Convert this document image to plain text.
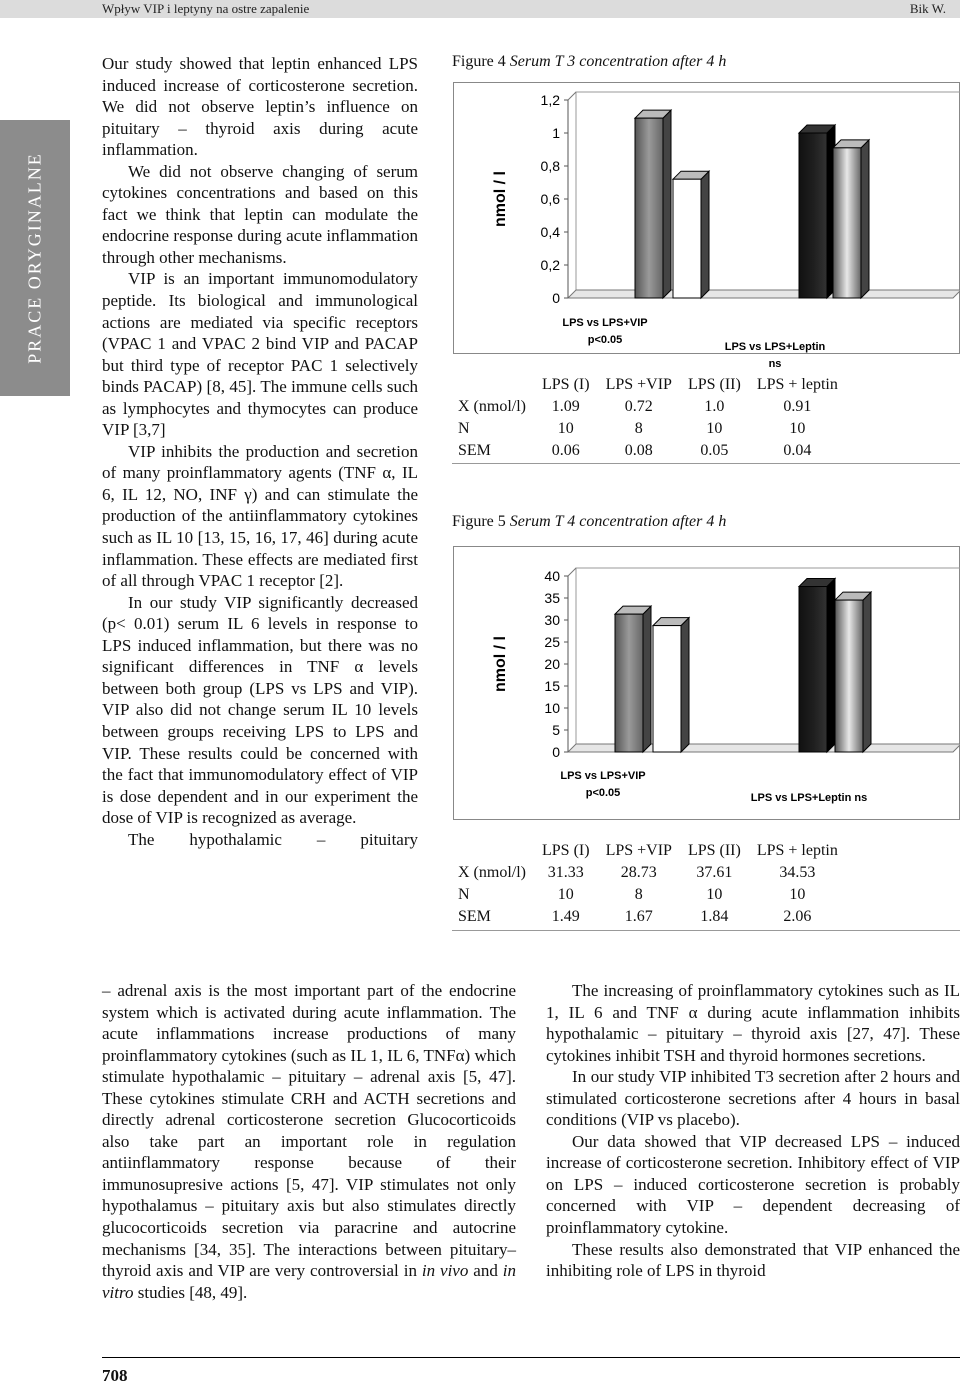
Wpływ VIP i leptyny na ostre zapalenie	Bik W.
PRACE ORYGINALNE

Our study showed that leptin enhanced LPS induced increase of corticosterone secretion. We did not observe leptin’s influence on pituitary – thyroid axis during acute inflammation.

We did not observe changing of serum cytokines concentrations and based on this fact we think that leptin can modulate the endocrine response during acute inflammation through other mechanisms.

VIP is an important immunomodulatory peptide. Its biological and immunological actions are mediated via specific receptors (VPAC 1 and VPAC 2 bind VIP and PACAP but third type of receptor PAC 1 selectively binds PACAP) [8, 45]. The immune cells such as lymphocytes and thymocytes can produce VIP [3,7]

VIP inhibits the production and secretion of many proinflammatory agents (TNF α, IL 6, IL 12, NO, INF γ) and can stimulate the production of the antiinflammatory cytokines such as IL 10 [13, 15, 16, 17, 46] during acute inflammation. These effects are mediated first of all through VPAC 1 receptor [2].

In our study VIP significantly decreased (p< 0.01) serum IL 6 levels in response to LPS induced inflammation, but there was no significant differences in TNF α levels between both group (LPS vs LPS and VIP). VIP also did not change serum IL 10 levels between groups receiving LPS to LPS and VIP. These results could be concerned with the fact that immunomodulatory effect of VIP is dose dependent and in our experiment the dose of VIP is recognized as average.

The hypothalamic – pituitary

– adrenal axis is the most important part of the endocrine system which is activated during acute inflammation. The acute inflammations increase productions of many proinflammatory cytokines (such as IL 1, IL 6, TNFα) which stimulate hypothalamic – pituitary – adrenal axis [5, 47]. These cytokines stimulate CRH and ACTH secretions and directly adrenal corticosterone secretion Glucocorticoids also take part an important role in regulation antiinflammatory response because of their immunosupresive actions [5, 47]. VIP stimulates not only hypothalamus – pituitary axis but also stimulates directly glucocorticoids secretion via paracrine and autocrine mechanisms [34, 35]. The interactions between pituitary–thyroid axis and VIP are very controversial in in vivo and in vitro studies [48, 49].

The increasing of proinflammatory cytokines such as IL 1, IL 6 and TNF α during acute inflammation inhibits hypothalamic – pituitary – thyroid axis [27, 47]. These cytokines inhibit TSH and thyroid hormones secretions.

In our study VIP inhibited T3 secretion after 2 hours and stimulated corticosterone secretions after 4 hours in basal conditions (VIP vs placebo).

Our data showed that VIP decreased LPS – induced increase of corticosterone secretion. Inhibitory effect of VIP on LPS – induced corticosterone secretion is probably concerned with VIP – dependent decreasing of proinflammatory cytokine.

These results also demonstrated that VIP enhanced the inhibiting role of LPS in thyroid

Figure 4 Serum T 3 concentration after 4 h
0
0,2
0,4
0,6
0,8
1
1,2
nmol / l
LPS vs LPS+VIP
p<0.05
LPS vs LPS+Leptin
ns
	LPS (I)	LPS +VIP	LPS (II)	LPS + leptin
X (nmol/l)	1.09	0.72	1.0	0.91
N	10	8	10	10
SEM	0.06	0.08	0.05	0.04
Figure 5 Serum T 4 concentration after 4 h
0
5
10
15
20
25
30
35
40
nmol / l
LPS vs LPS+VIP
p<0.05	LPS vs LPS+Leptin ns
	LPS (I)	LPS +VIP	LPS (II)	LPS + leptin
X (nmol/l)	31.33	28.73	37.61	34.53
N	10	8	10	10
SEM	1.49	1.67	1.84	2.06
708
